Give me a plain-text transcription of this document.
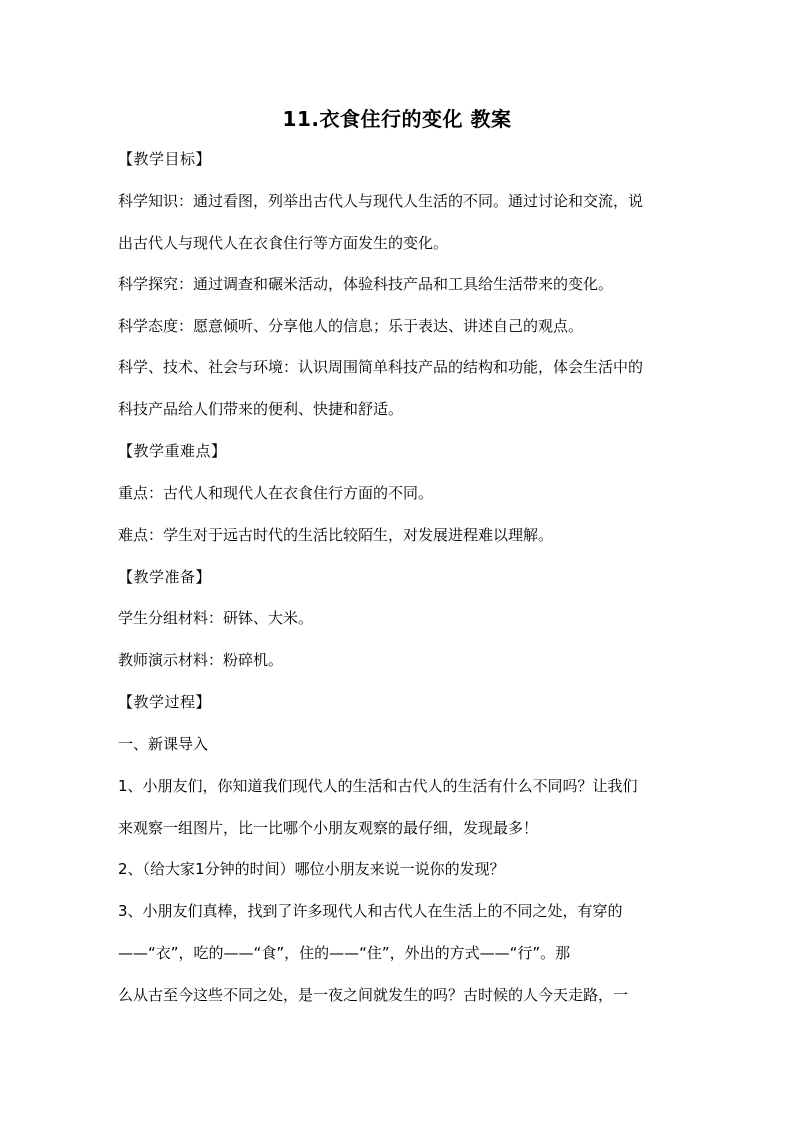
11.衣食住行的变化 教案
【教学目标】
科学知识：通过看图，列举出古代人与现代人生活的不同。通过讨论和交流，说
出古代人与现代人在衣食住行等方面发生的变化。
科学探究：通过调查和碾米活动，体验科技产品和工具给生活带来的变化。
科学态度：愿意倾听、分享他人的信息；乐于表达、讲述自己的观点。
科学、技术、社会与环境：认识周围简单科技产品的结构和功能，体会生活中的
科技产品给人们带来的便利、快捷和舒适。
【教学重难点】
重点：古代人和现代人在衣食住行方面的不同。
难点：学生对于远古时代的生活比较陌生，对发展进程难以理解。
【教学准备】
学生分组材料：研钵、大米。
教师演示材料：粉碎机。
【教学过程】
一、新课导入
1、小朋友们，你知道我们现代人的生活和古代人的生活有什么不同吗？让我们
来观察一组图片，比一比哪个小朋友观察的最仔细，发现最多！
2、（给大家1分钟的时间）哪位小朋友来说一说你的发现？
3、小朋友们真棒，找到了许多现代人和古代人在生活上的不同之处，有穿的
——“衣”，吃的——“食”，住的——“住”，外出的方式——“行”。那
么从古至今这些不同之处，是一夜之间就发生的吗？古时候的人今天走路，一
